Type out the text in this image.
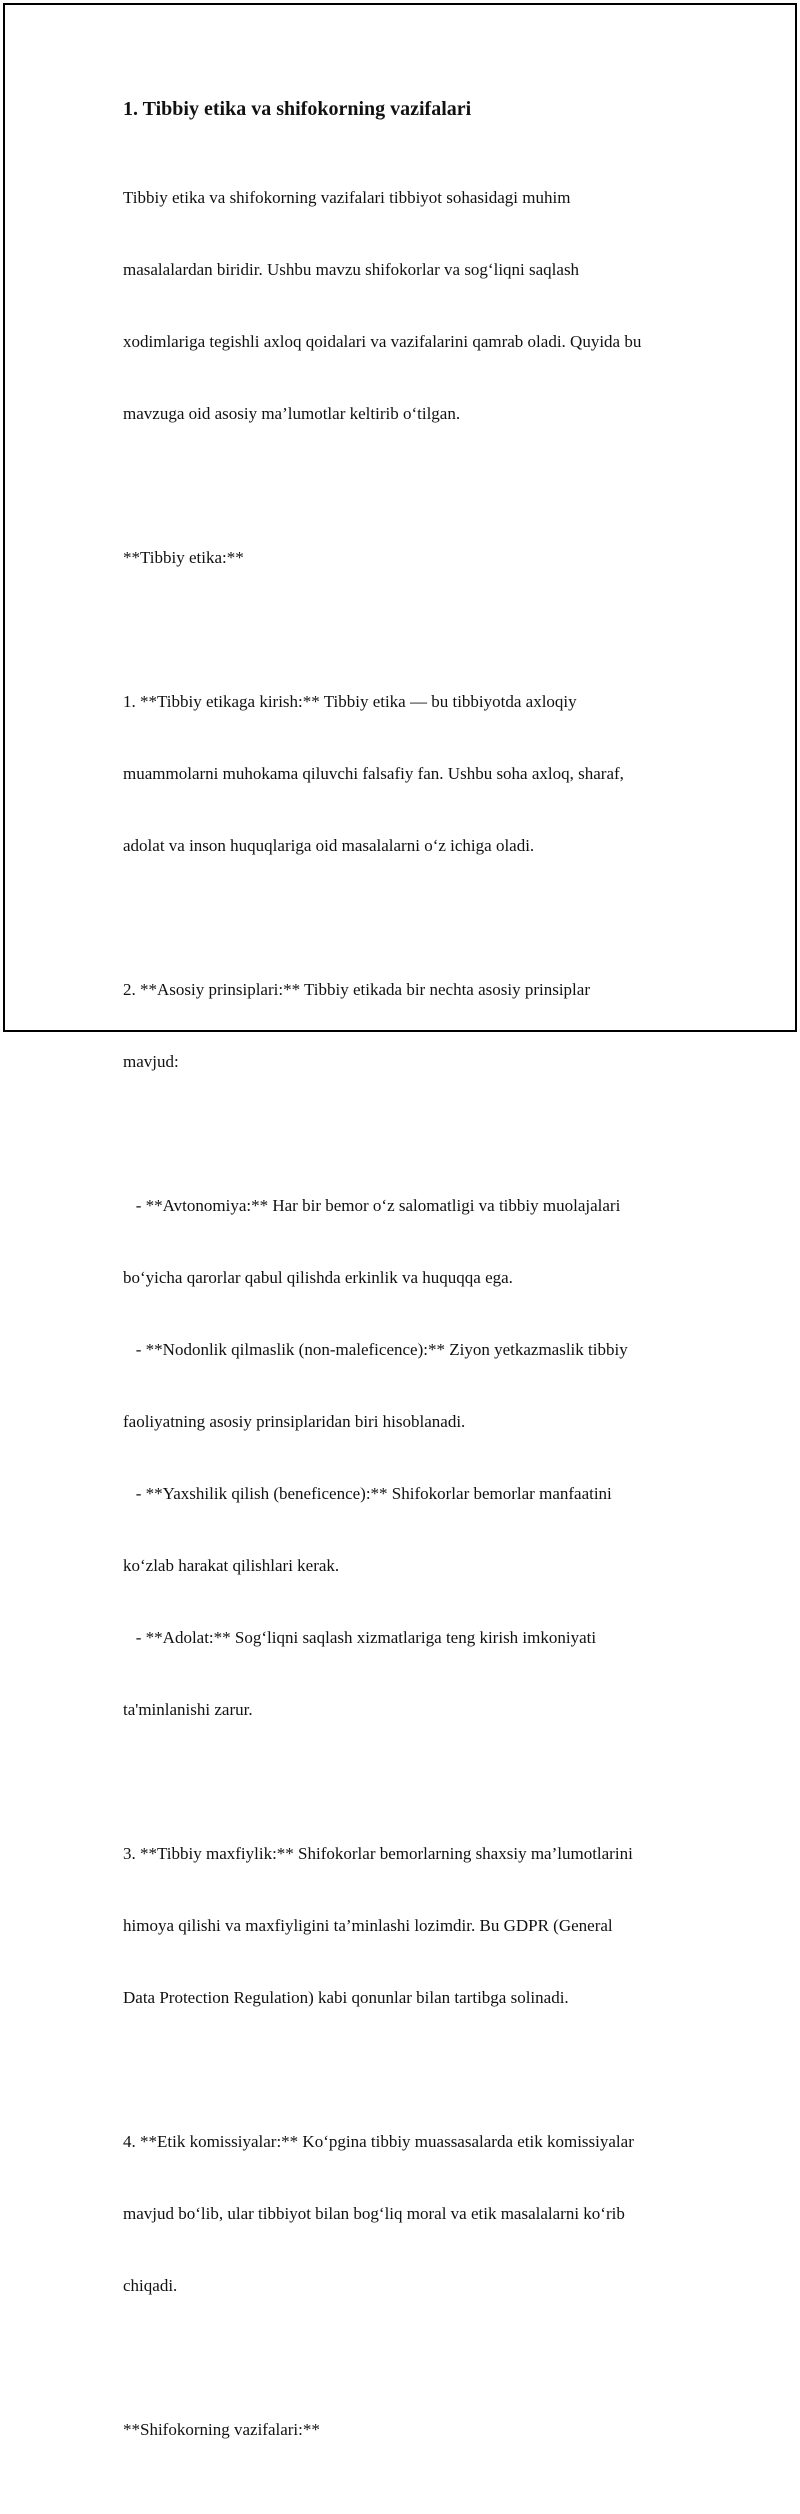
1. Tibbiy etika va shifokorning vazifalari

Tibbiy etika va shifokorning vazifalari tibbiyot sohasidagi muhim

masalalardan biridir. Ushbu mavzu shifokorlar va sog‘liqni saqlash

xodimlariga tegishli axloq qoidalari va vazifalarini qamrab oladi. Quyida bu

mavzuga oid asosiy ma’lumotlar keltirib o‘tilgan.

**Tibbiy etika:**

1. **Tibbiy etikaga kirish:** Tibbiy etika — bu tibbiyotda axloqiy

muammolarni muhokama qiluvchi falsafiy fan. Ushbu soha axloq, sharaf,

adolat va inson huquqlariga oid masalalarni o‘z ichiga oladi.

2. **Asosiy prinsiplari:** Tibbiy etikada bir nechta asosiy prinsiplar

mavjud:

- **Avtonomiya:** Har bir bemor o‘z salomatligi va tibbiy muolajalari

bo‘yicha qarorlar qabul qilishda erkinlik va huquqqa ega.

- **Nodonlik qilmaslik (non-maleficence):** Ziyon yetkazmaslik tibbiy

faoliyatning asosiy prinsiplaridan biri hisoblanadi.

- **Yaxshilik qilish (beneficence):** Shifokorlar bemorlar manfaatini

ko‘zlab harakat qilishlari kerak.

- **Adolat:** Sog‘liqni saqlash xizmatlariga teng kirish imkoniyati

ta'minlanishi zarur.

3. **Tibbiy maxfiylik:** Shifokorlar bemorlarning shaxsiy ma’lumotlarini

himoya qilishi va maxfiyligini ta’minlashi lozimdir. Bu GDPR (General

Data Protection Regulation) kabi qonunlar bilan tartibga solinadi.

4. **Etik komissiyalar:** Ko‘pgina tibbiy muassasalarda etik komissiyalar

mavjud bo‘lib, ular tibbiyot bilan bog‘liq moral va etik masalalarni ko‘rib

chiqadi.

**Shifokorning vazifalari:**
